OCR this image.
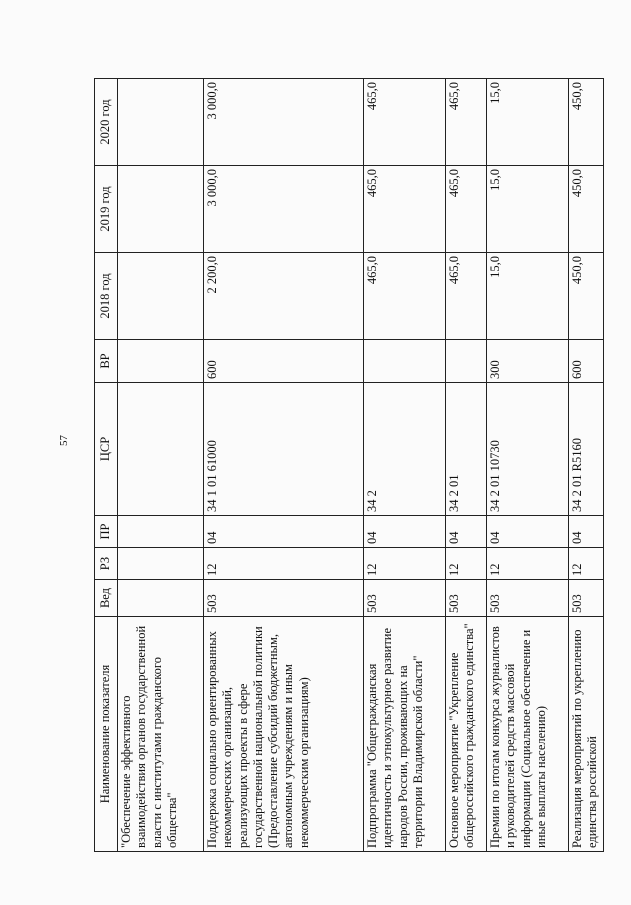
57
Наименование показателя	Вед	РЗ	ПР	ЦСР	ВР	2018 год	2019 год	2020 год
"Обеспечение эффективного взаимодействия органов государственной власти с институтами гражданского общества"								
Поддержка социально ориентированных некоммерческих организаций, реализующих проекты в сфере государственной национальной политики (Предоставление субсидий бюджетным, автономным учреждениям и иным некоммерческим организациям)	503	12	04	34 1 01 61000	600	2 200,0	3 000,0	3 000,0
Подпрограмма "Общегражданская идентичность и этнокультурное развитие народов России, проживающих на территории Владимирской области"	503	12	04	34 2		465,0	465,0	465,0
Основное мероприятие "Укрепление общероссийского гражданского единства"	503	12	04	34 2 01		465,0	465,0	465,0
Премии по итогам конкурса журналистов и руководителей средств массовой информации (Социальное обеспечение и иные выплаты населению)	503	12	04	34 2 01 10730	300	15,0	15,0	15,0
Реализация мероприятий по укреплению единства российской	503	12	04	34 2 01 R5160	600	450,0	450,0	450,0
